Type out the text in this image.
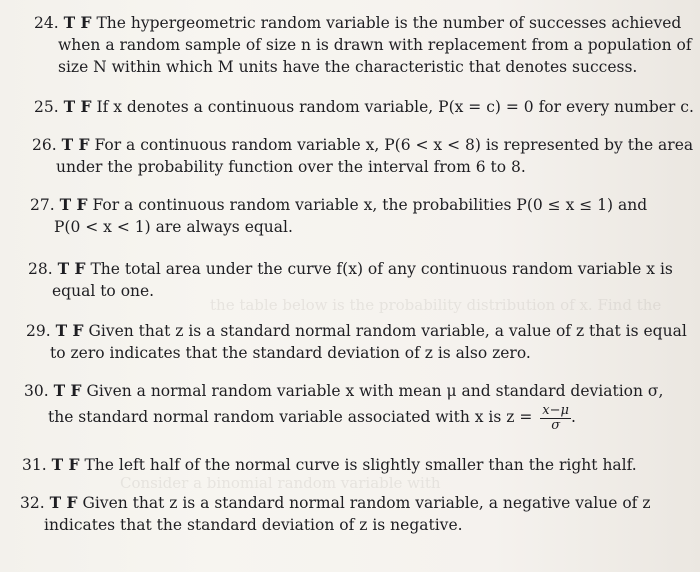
the table below is the probability distribution of x. Find the
Consider a binomial random variable with

24. T F The hypergeometric random variable is the number of successes achieved
when a random sample of size n is drawn with replacement from a population of
size N within which M units have the characteristic that denotes success.

25. T F If x denotes a continuous random variable, P(x = c) = 0 for every number c.

26. T F For a continuous random variable x, P(6 < x < 8) is represented by the area
under the probability function over the interval from 6 to 8.

27. T F For a continuous random variable x, the probabilities P(0 ≤ x ≤ 1) and
P(0 < x < 1) are always equal.

28. T F The total area under the curve f(x) of any continuous random variable x is
equal to one.

29. T F Given that z is a standard normal random variable, a value of z that is equal
to zero indicates that the standard deviation of z is also zero.

30. T F Given a normal random variable x with mean μ and standard deviation σ,
the standard normal random variable associated with x is $z = \frac{x-\mu}{\sigma}$ .

31. T F The left half of the normal curve is slightly smaller than the right half.

32. T F Given that z is a standard normal random variable, a negative value of z
indicates that the standard deviation of z is negative.
